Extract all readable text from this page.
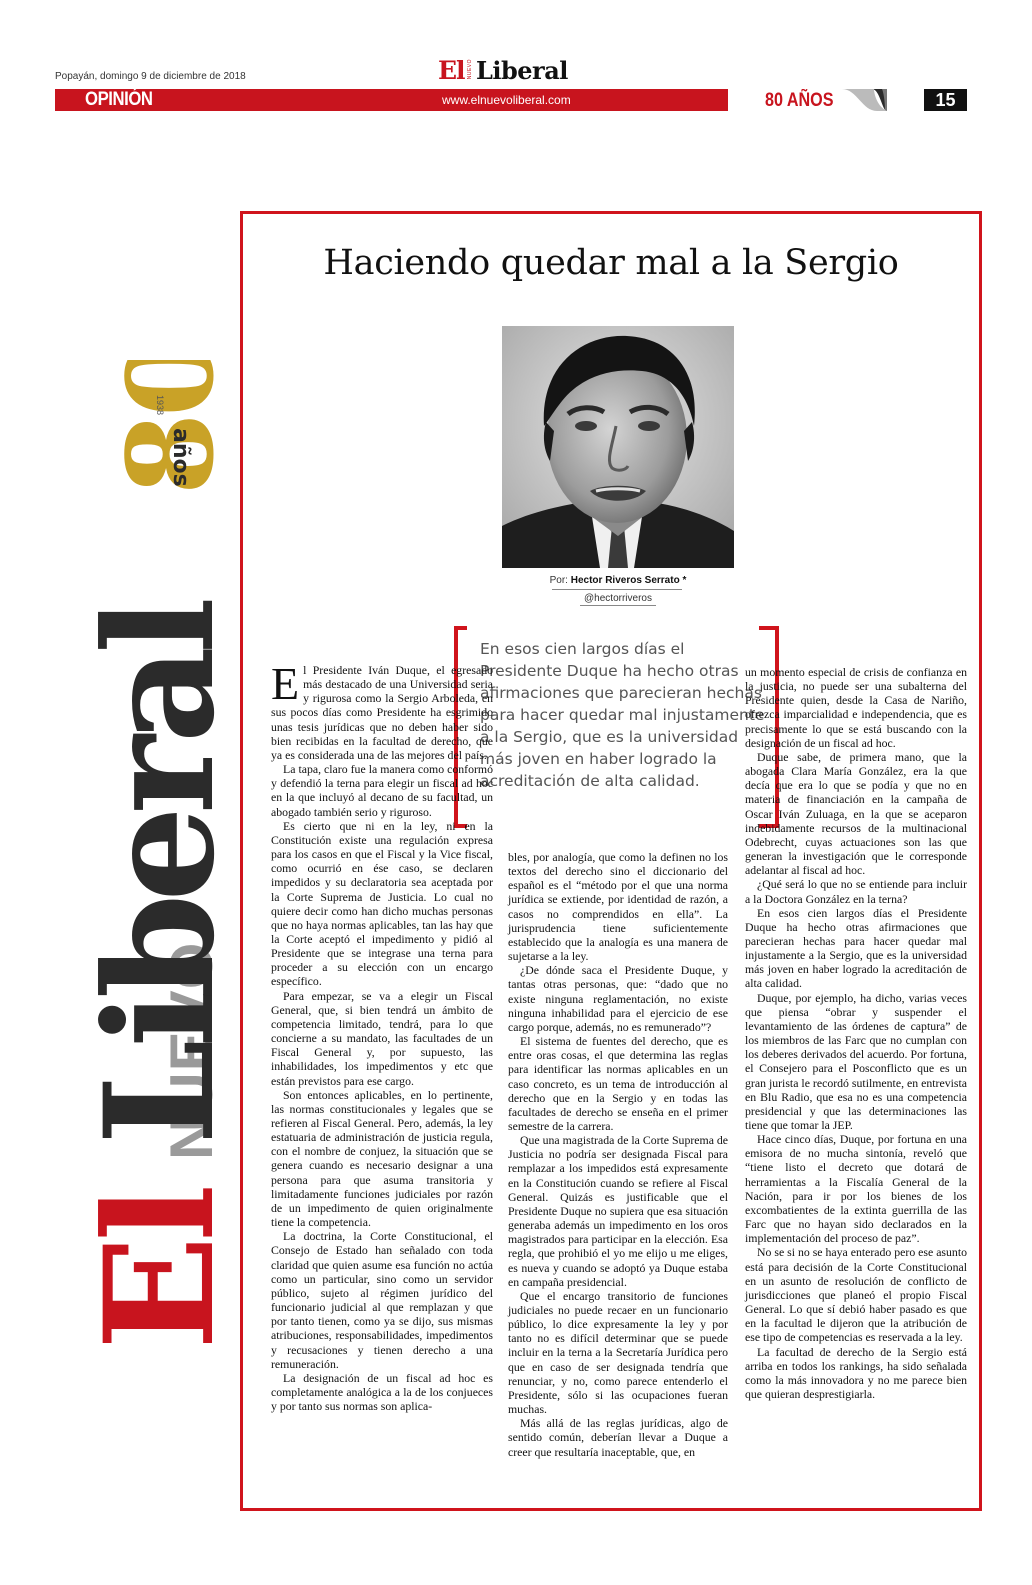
Popayán, domingo 9 de diciembre de 2018	El NUEVO Liberal
OPINIÓN	www.elnuevoliberal.com	80 AÑOS	15
El
NUEVO
Liberal
8
años
1938
Haciendo quedar mal a la Sergio
Por: Hector Riveros Serrato *
@hectorriveros
En esos cien largos días el Presidente Duque ha hecho otras afirmaciones que parecieran hechas para hacer quedar mal injustamente a la Sergio, que es la universidad más joven en haber logrado la acreditación de alta calidad.

El Presidente Iván Duque, el egresado más destacado de una Universidad seria y rigurosa como la Sergio Arboleda, en sus pocos días como Presidente ha esgrimido unas tesis jurídicas que no deben haber sido bien recibidas en la facultad de derecho, que ya es considerada una de las mejores del país.

La tapa, claro fue la manera como conformó y defendió la terna para elegir un fiscal ad hoc en la que incluyó al decano de su facultad, un abogado también serio y riguroso.

Es cierto que ni en la ley, ni en la Constitución existe una regulación expresa para los casos en que el Fiscal y la Vice fiscal, como ocurrió en ése caso, se declaren impedidos y su declaratoria sea aceptada por la Corte Suprema de Justicia. Lo cual no quiere decir como han dicho muchas personas que no haya normas aplicables, tan las hay que la Corte aceptó el impedimento y pidió al Presidente que se integrase una terna para proceder a su elección con un encargo específico.

Para empezar, se va a elegir un Fiscal General, que, si bien tendrá un ámbito de competencia limitado, tendrá, para lo que concierne a su mandato, las facultades de un Fiscal General y, por supuesto, las inhabilidades, los impedimentos y etc que están previstos para ese cargo.

Son entonces aplicables, en lo pertinente, las normas constitucionales y legales que se refieren al Fiscal General. Pero, además, la ley estatuaria de administración de justicia regula, con el nombre de conjuez, la situación que se genera cuando es necesario designar a una persona para que asuma transitoria y limitadamente funciones judiciales por razón de un impedimento de quien originalmente tiene la competencia.

La doctrina, la Corte Constitucional, el Consejo de Estado han señalado con toda claridad que quien asume esa función no actúa como un particular, sino como un servidor público, sujeto al régimen jurídico del funcionario judicial al que remplazan y que por tanto tienen, como ya se dijo, sus mismas atribuciones, responsabilidades, impedimentos y recusaciones y tienen derecho a una remuneración.

La designación de un fiscal ad hoc es completamente analógica a la de los conjueces y por tanto sus normas son aplica-

bles, por analogía, que como la definen no los textos del derecho sino el diccionario del español es el “método por el que una norma jurídica se extiende, por identidad de razón, a casos no comprendidos en ella”. La jurisprudencia tiene suficientemente establecido que la analogía es una manera de sujetarse a la ley.

¿De dónde saca el Presidente Duque, y tantas otras personas, que: “dado que no existe ninguna reglamentación, no existe ninguna inhabilidad para el ejercicio de ese cargo porque, además, no es remunerado”?

El sistema de fuentes del derecho, que es entre oras cosas, el que determina las reglas para identificar las normas aplicables en un caso concreto, es un tema de introducción al derecho que en la Sergio y en todas las facultades de derecho se enseña en el primer semestre de la carrera.

Que una magistrada de la Corte Suprema de Justicia no podría ser designada Fiscal para remplazar a los impedidos está expresamente en la Constitución cuando se refiere al Fiscal General. Quizás es justificable que el Presidente Duque no supiera que esa situación generaba además un impedimento en los oros magistrados para participar en la elección. Esa regla, que prohibió el yo me elijo u me eliges, es nueva y cuando se adoptó ya Duque estaba en campaña presidencial.

Que el encargo transitorio de funciones judiciales no puede recaer en un funcionario público, lo dice expresamente la ley y por tanto no es difícil determinar que se puede incluir en la terna a la Secretaría Jurídica pero que en caso de ser designada tendría que renunciar, y no, como parece entenderlo el Presidente, sólo si las ocupaciones fueran muchas.

Más allá de las reglas jurídicas, algo de sentido común, deberían llevar a Duque a creer que resultaría inaceptable, que, en

un momento especial de crisis de confianza en la justicia, no puede ser una subalterna del Presidente quien, desde la Casa de Nariño, ofrezca imparcialidad e independencia, que es precisamente lo que se está buscando con la designación de un fiscal ad hoc.

Duque sabe, de primera mano, que la abogada Clara María González, era la que decía que era lo que se podía y que no en materia de financiación en la campaña de Oscar Iván Zuluaga, en la que se aceparon indebidamente recursos de la multinacional Odebrecht, cuyas actuaciones son las que generan la investigación que le corresponde adelantar al fiscal ad hoc.

¿Qué será lo que no se entiende para incluir a la Doctora González en la terna?

En esos cien largos días el Presidente Duque ha hecho otras afirmaciones que parecieran hechas para hacer quedar mal injustamente a la Sergio, que es la universidad más joven en haber logrado la acreditación de alta calidad.

Duque, por ejemplo, ha dicho, varias veces que piensa “obrar y suspender el levantamiento de las órdenes de captura” de los miembros de las Farc que no cumplan con los deberes derivados del acuerdo. Por fortuna, el Consejero para el Posconflicto que es un gran jurista le recordó sutilmente, en entrevista en Blu Radio, que esa no es una competencia presidencial y que las determinaciones las tiene que tomar la JEP.

Hace cinco días, Duque, por fortuna en una emisora de no mucha sintonía, reveló que “tiene listo el decreto que dotará de herramientas a la Fiscalía General de la Nación, para ir por los bienes de los excombatientes de la extinta guerrilla de las Farc que no hayan sido declarados en la implementación del proceso de paz”.

No se si no se haya enterado pero ese asunto está para decisión de la Corte Constitucional en un asunto de resolución de conflicto de jurisdicciones que planeó el propio Fiscal General. Lo que sí debió haber pasado es que en la facultad le dijeron que la atribución de ese tipo de competencias es reservada a la ley.

La facultad de derecho de la Sergio está arriba en todos los rankings, ha sido señalada como la más innovadora y no me parece bien que quieran desprestigiarla.
